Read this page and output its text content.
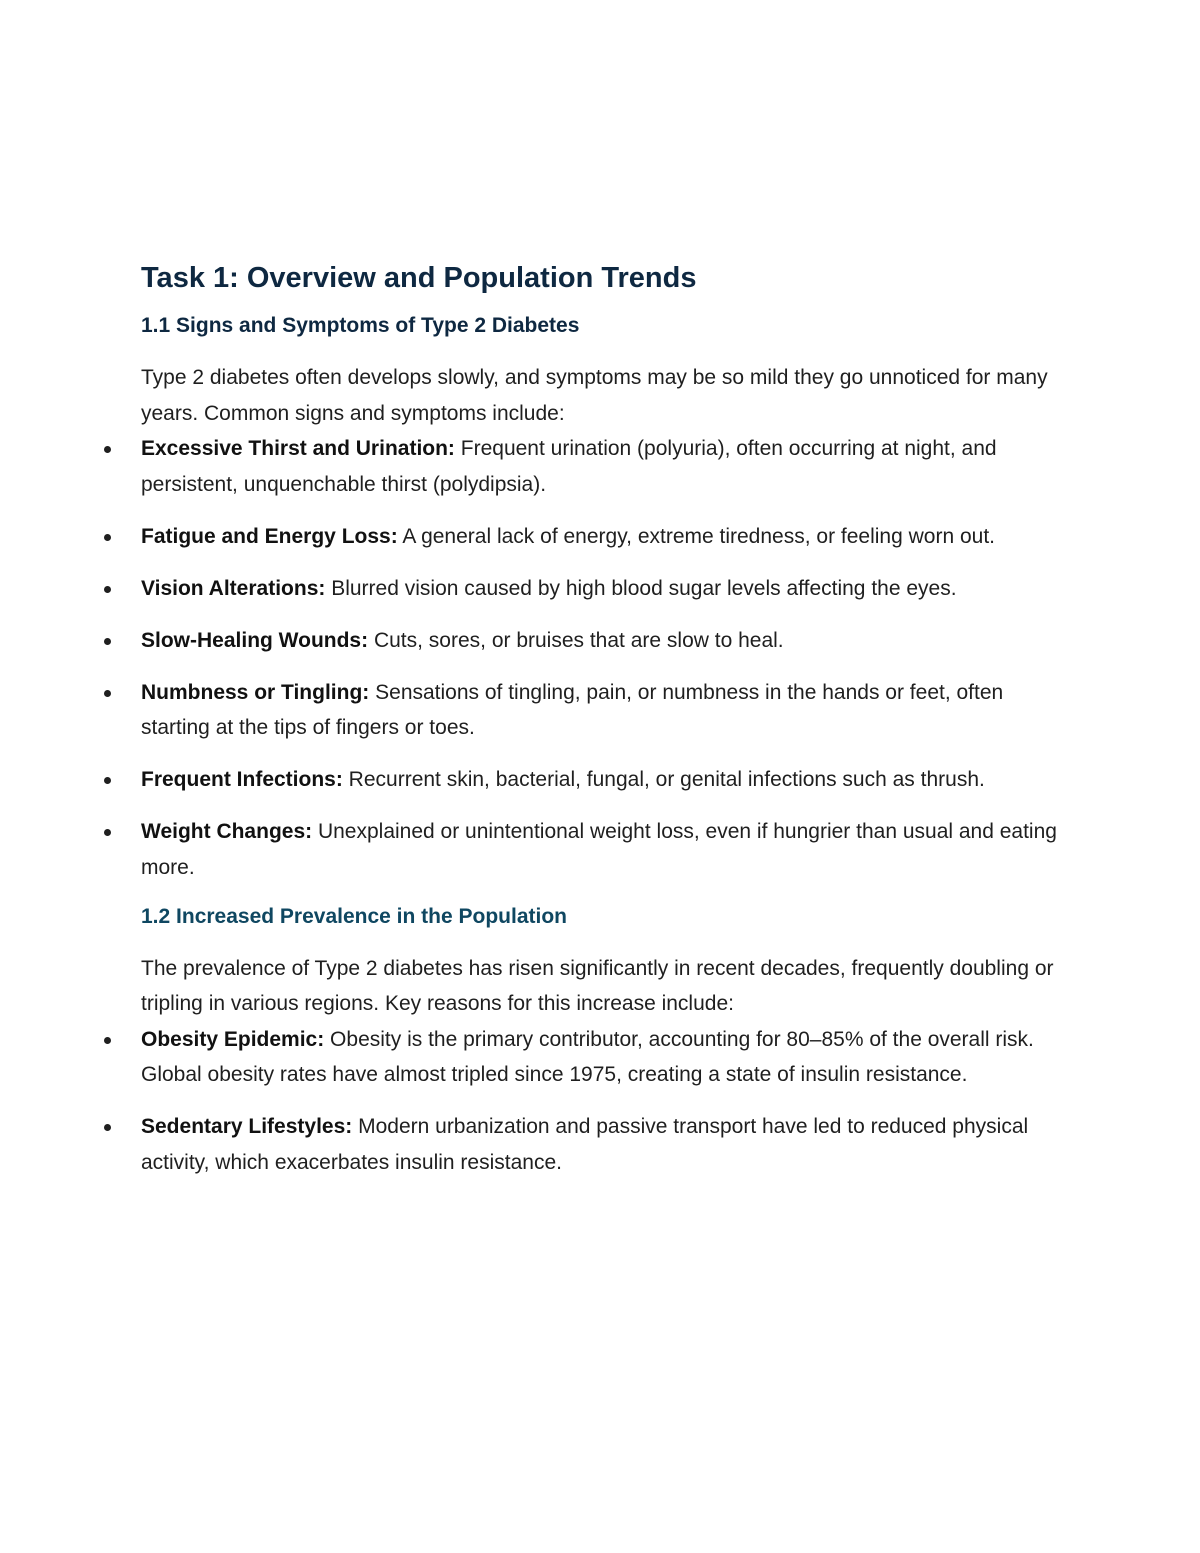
Task 1: Overview and Population Trends
1.1 Signs and Symptoms of Type 2 Diabetes

Type 2 diabetes often develops slowly, and symptoms may be so mild they go unnoticed for many years. Common signs and symptoms include:

Excessive Thirst and Urination: Frequent urination (polyuria), often occurring at night, and persistent, unquenchable thirst (polydipsia).
Fatigue and Energy Loss: A general lack of energy, extreme tiredness, or feeling worn out.
Vision Alterations: Blurred vision caused by high blood sugar levels affecting the eyes.
Slow-Healing Wounds: Cuts, sores, or bruises that are slow to heal.
Numbness or Tingling: Sensations of tingling, pain, or numbness in the hands or feet, often starting at the tips of fingers or toes.
Frequent Infections: Recurrent skin, bacterial, fungal, or genital infections such as thrush.
Weight Changes: Unexplained or unintentional weight loss, even if hungrier than usual and eating more.
1.2 Increased Prevalence in the Population

The prevalence of Type 2 diabetes has risen significantly in recent decades, frequently doubling or tripling in various regions. Key reasons for this increase include:

Obesity Epidemic: Obesity is the primary contributor, accounting for 80–85% of the overall risk. Global obesity rates have almost tripled since 1975, creating a state of insulin resistance.
Sedentary Lifestyles: Modern urbanization and passive transport have led to reduced physical activity, which exacerbates insulin resistance.
